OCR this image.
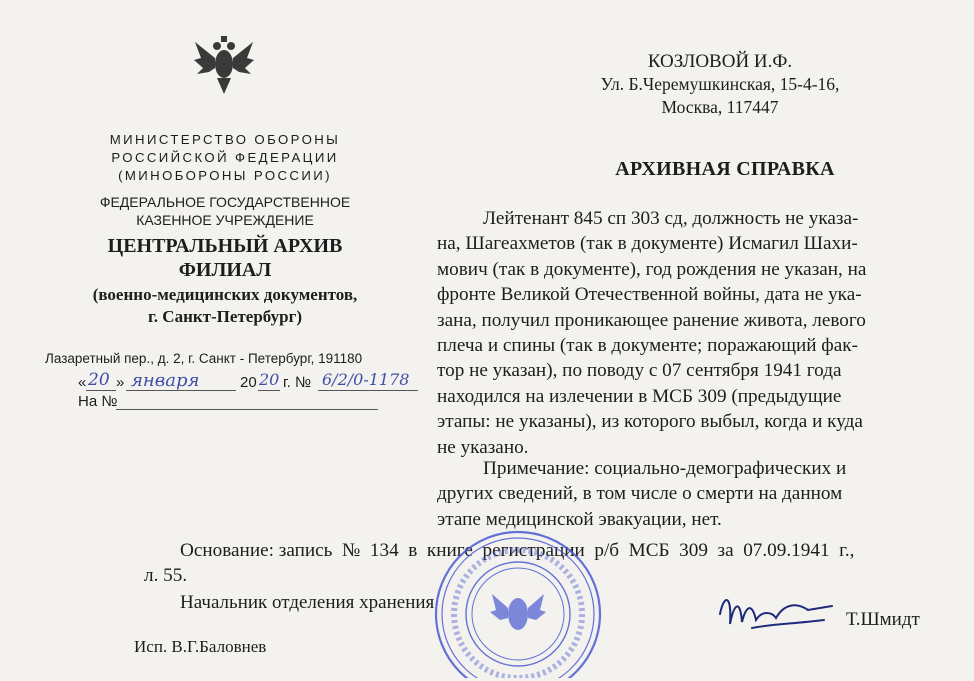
МИНИСТЕРСТВО ОБОРОНЫ
РОССИЙСКОЙ ФЕДЕРАЦИИ
(МИНОБОРОНЫ РОССИИ)
ФЕДЕРАЛЬНОЕ ГОСУДАРСТВЕННОЕ
КАЗЕННОЕ УЧРЕЖДЕНИЕ
ЦЕНТРАЛЬНЫЙ АРХИВ
ФИЛИАЛ
(военно-медицинских документов,
г. Санкт-Петербург)
Лазаретный пер., д. 2, г. Санкт - Петербург, 191180
« 20 » января	20 20 г. № 6/2/0-1178
На №
КОЗЛОВОЙ И.Ф.
Ул. Б.Черемушкинская, 15-4-16,
Москва, 117447
АРХИВНАЯ СПРАВКА

Лейтенант 845 сп 303 сд, должность не указа-

на, Шагеахметов (так в документе) Исмагил Шахи-

мович (так в документе), год рождения не указан, на

фронте Великой Отечественной войны, дата не ука-

зана, получил проникающее ранение живота, левого

плеча и спины (так в документе; поражающий фак-

тор не указан), по поводу с 07 сентября 1941 года

находился на излечении в МСБ 309 (предыдущие

этапы: не указаны), из которого выбыл, когда и куда

не указано.

Примечание: социально-демографических и

других сведений, в том числе о смерти на данном

этапе медицинской эвакуации, нет.

Основание: запись  №  134  в  книге  регистрации  р/б  МСБ  309  за  07.09.1941  г.,

л. 55.

Начальник отделения хранения
Т.Шмидт
Исп. В.Г.Баловнев
